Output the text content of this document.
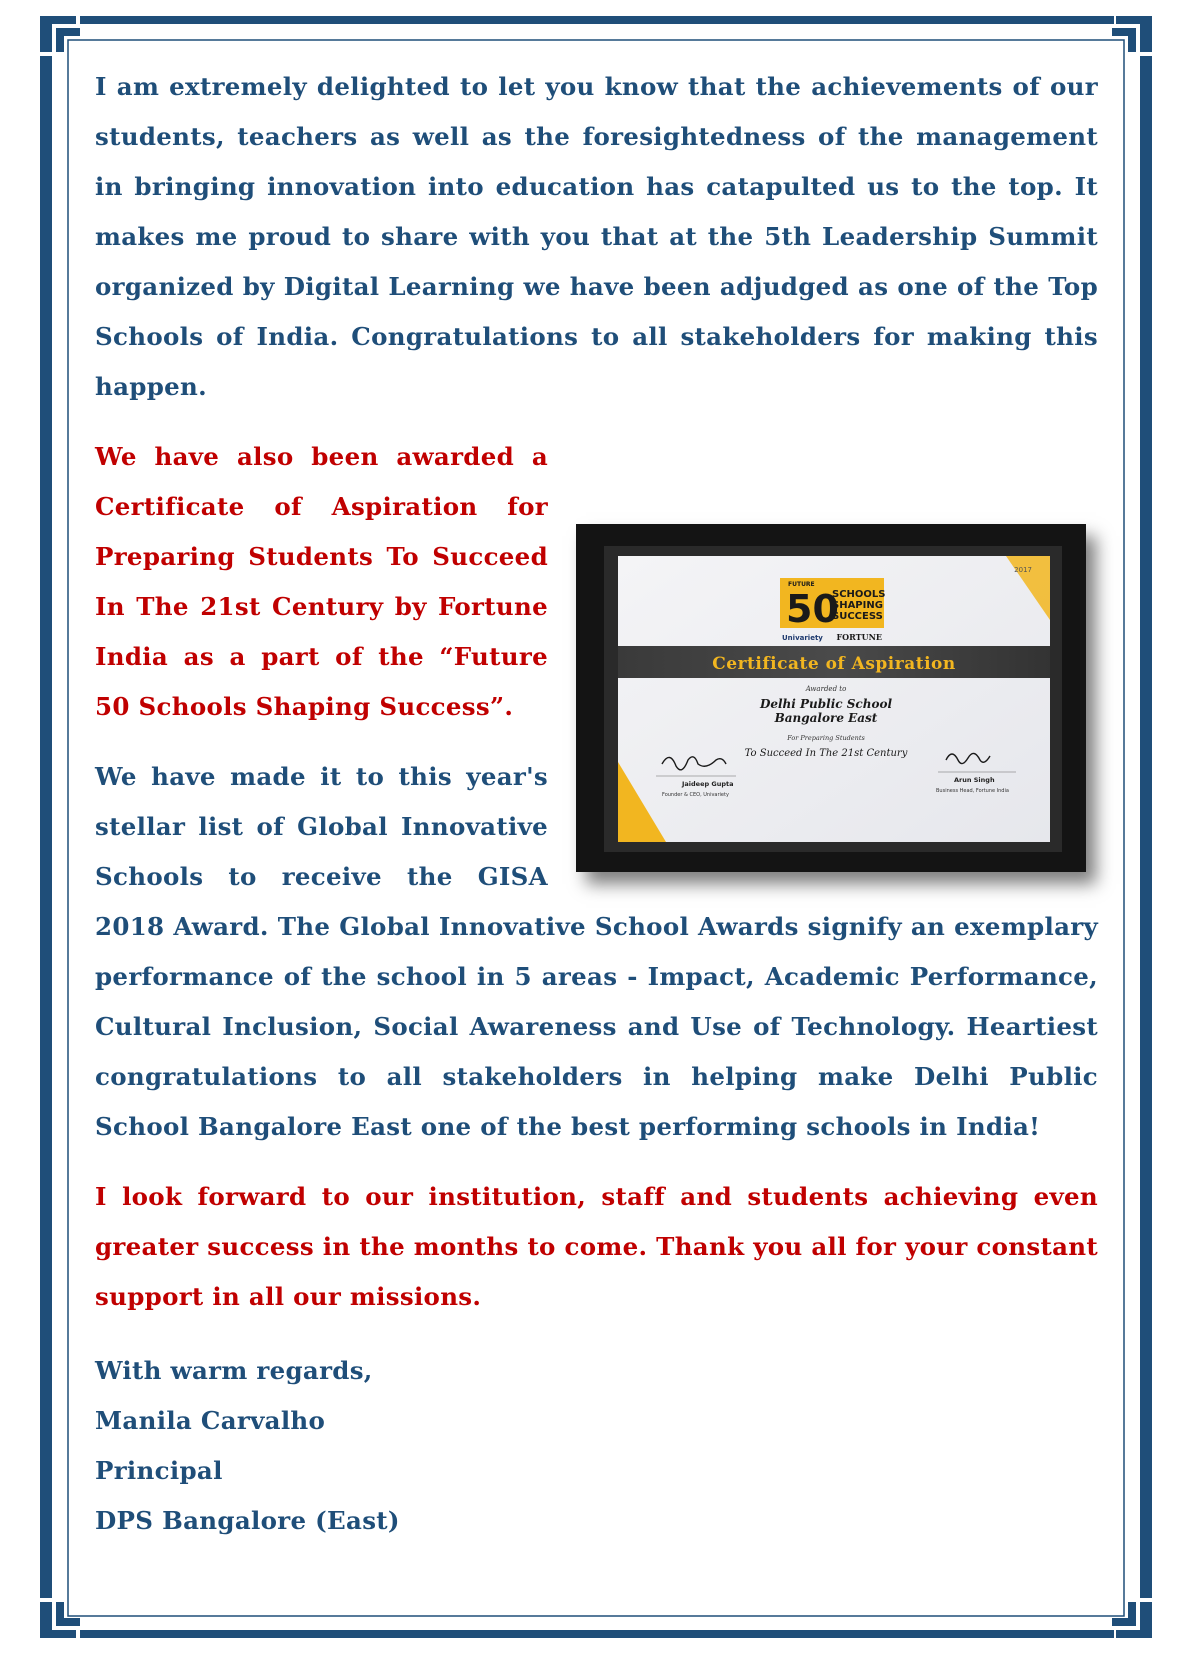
I am extremely delighted to let you know that the achievements of our students, teachers as well as the foresightedness of the management in bringing innovation into education has catapulted us to the top. It makes me proud to share with you that at the 5th Leadership Summit organized by Digital Learning we have been adjudged as one of the Top Schools of India. Congratulations to all stakeholders for making this happen.

We have also been awarded a Certificate of Aspiration for Preparing Students To Succeed In The 21st Century by Fortune India as a part of the “Future 50 Schools Shaping Success”.

We have made it to this year's stellar list of Global Innovative Schools to receive the GISA 2018 Award. The Global Innovative School Awards signify an exemplary performance of the school in 5 areas - Impact, Academic Performance, Cultural Inclusion, Social Awareness and Use of Technology. Heartiest congratulations to all stakeholders in helping make Delhi Public School Bangalore East one of the best performing schools in India!

I look forward to our institution, staff and students achieving even greater success in the months to come. Thank you all for your constant support in all our missions.

With warm regards,
Manila Carvalho
Principal
DPS Bangalore (East)
2017
FUTURE
50
SCHOOLS
SHAPING
SUCCESS
Univariety FORTUNE
Certificate of Aspiration
Awarded to
Delhi Public School
Bangalore East
For Preparing Students
To Succeed In The 21st Century
Jaideep Gupta
Founder & CEO, Univariety
Arun Singh
Business Head, Fortune India
